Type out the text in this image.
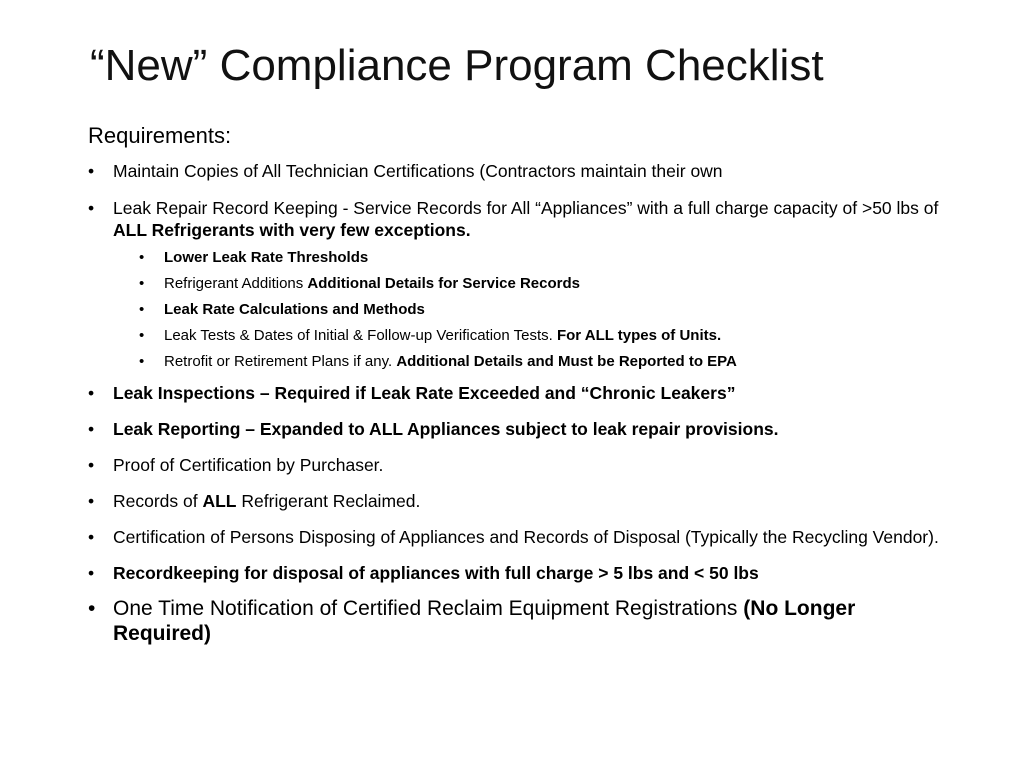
“New” Compliance Program Checklist
Requirements:
• Maintain Copies of All Technician Certifications (Contractors maintain their own
• Leak Repair Record Keeping - Service Records for All “Appliances” with a full charge capacity of >50 lbs of ALL Refrigerants with very few exceptions.
• Lower Leak Rate Thresholds
• Refrigerant Additions Additional Details for Service Records
• Leak Rate Calculations and Methods
• Leak Tests & Dates of Initial & Follow-up Verification Tests. For ALL types of Units.
• Retrofit or Retirement Plans if any. Additional Details and Must be Reported to EPA
• Leak Inspections – Required if Leak Rate Exceeded and “Chronic Leakers”
• Leak Reporting – Expanded to ALL Appliances subject to leak repair provisions.
• Proof of Certification by Purchaser.
• Records of ALL Refrigerant Reclaimed.
• Certification of Persons Disposing of Appliances and Records of Disposal (Typically the Recycling Vendor).
• Recordkeeping for disposal of appliances with full charge > 5 lbs and < 50 lbs
• One Time Notification of Certified Reclaim Equipment Registrations (No Longer Required)
